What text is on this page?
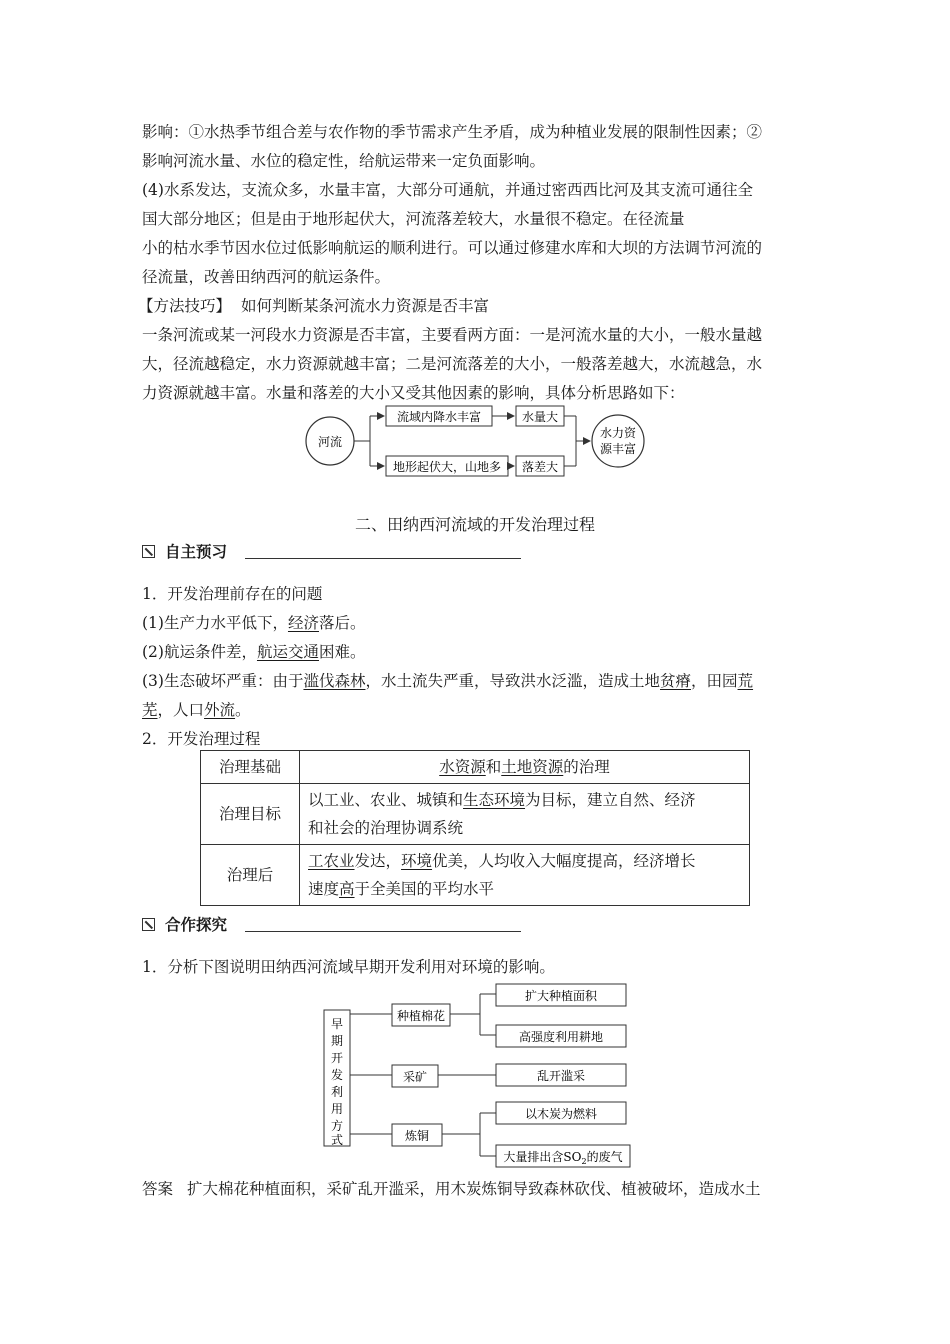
影响：①水热季节组合差与农作物的季节需求产生矛盾，成为种植业发展的限制性因素；②
影响河流水量、水位的稳定性，给航运带来一定负面影响。
(4)水系发达，支流众多，水量丰富，大部分可通航，并通过密西西比河及其支流可通往全
国大部分地区；但是由于地形起伏大，河流落差较大，水量很不稳定。在径流量
小的枯水季节因水位过低影响航运的顺利进行。可以通过修建水库和大坝的方法调节河流的
径流量，改善田纳西河的航运条件。
【方法技巧】 如何判断某条河流水力资源是否丰富
一条河流或某一河段水力资源是否丰富，主要看两方面：一是河流水量的大小，一般水量越
大，径流越稳定，水力资源就越丰富；二是河流落差的大小，一般落差越大，水流越急，水
力资源就越丰富。水量和落差的大小又受其他因素的影响，具体分析思路如下：
河流
流域内降水丰富
地形起伏大，山地多
水量大
落差大
水力资
源丰富
二、田纳西河流域的开发治理过程
自主预习
1．开发治理前存在的问题
(1)生产力水平低下，经济落后。
(2)航运条件差，航运交通困难。
(3)生态破坏严重：由于滥伐森林，水土流失严重，导致洪水泛滥，造成土地贫瘠，田园荒
芜，人口外流。
2．开发治理过程
治理基础	水资源和土地资源的治理
治理目标	以工业、农业、城镇和生态环境为目标，建立自然、经济
和社会的治理协调系统
治理后	工农业发达，环境优美，人均收入大幅度提高，经济增长
速度高于全美国的平均水平
合作探究
1．分析下图说明田纳西河流域早期开发利用对环境的影响。
早
期
开
发
利
用
方
式
种植棉花
采矿
炼铜
扩大种植面积
高强度利用耕地
乱开滥采
以木炭为燃料
大量排出含$SO_2$的废气
答案 扩大棉花种植面积，采矿乱开滥采，用木炭炼铜导致森林砍伐、植被破坏，造成水土
